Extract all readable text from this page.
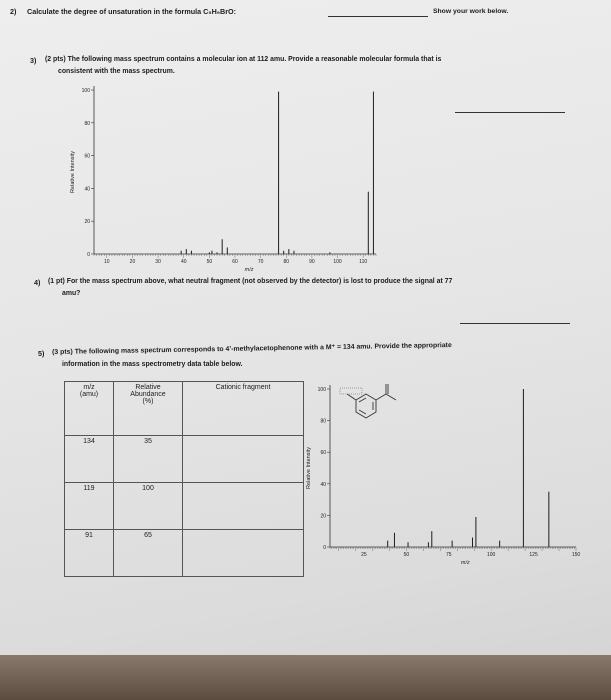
2) Calculate the degree of unsaturation in the formula C₅H₉BrO:	Show your work below.
3) (2 pts) The following mass spectrum contains a molecular ion at 112 amu. Provide a reasonable molecular formula that is
consistent with the mass spectrum.
100
80
60
40
20
0
10	20	30	40	50	60	70	80	90	100	110
m/z
Relative Intensity
4) (1 pt) For the mass spectrum above, what neutral fragment (not observed by the detector) is lost to produce the signal at 77
amu?
5) (3 pts) The following mass spectrum corresponds to 4’-methylacetophenone with a M⁺ = 134 amu. Provide the appropriate
information in the mass spectrometry data table below.
m/z
(amu)	Relative
Abundance
(%)	Cationic fragment
134	35	
119	100	
91	65	
100
80
60
40
20
0
25	50	75	100	125	150
m/z
Relative Intensity
